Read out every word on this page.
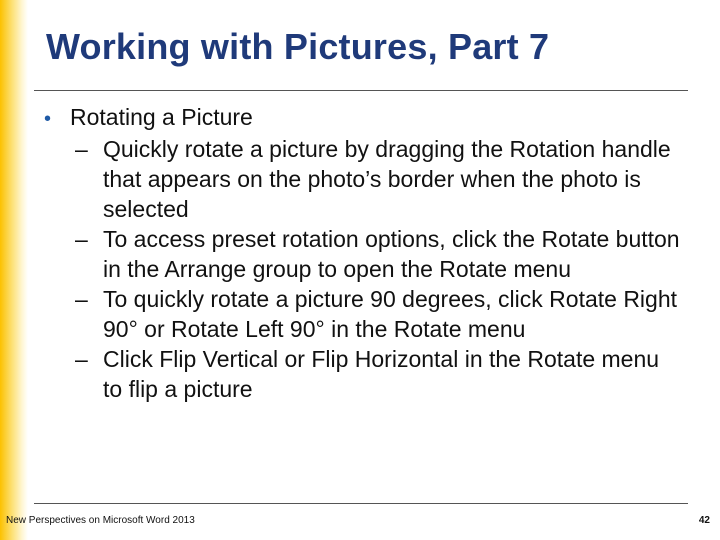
Working with Pictures, Part 7
• Rotating a Picture
– Quickly rotate a picture by dragging the Rotation handle that appears on the photo’s border when the photo is selected
– To access preset rotation options, click the Rotate button in the Arrange group to open the Rotate menu
– To quickly rotate a picture 90 degrees, click Rotate Right 90° or Rotate Left 90° in the Rotate menu
– Click Flip Vertical or Flip Horizontal in the Rotate menu to flip a picture
New Perspectives on Microsoft Word 2013	42
